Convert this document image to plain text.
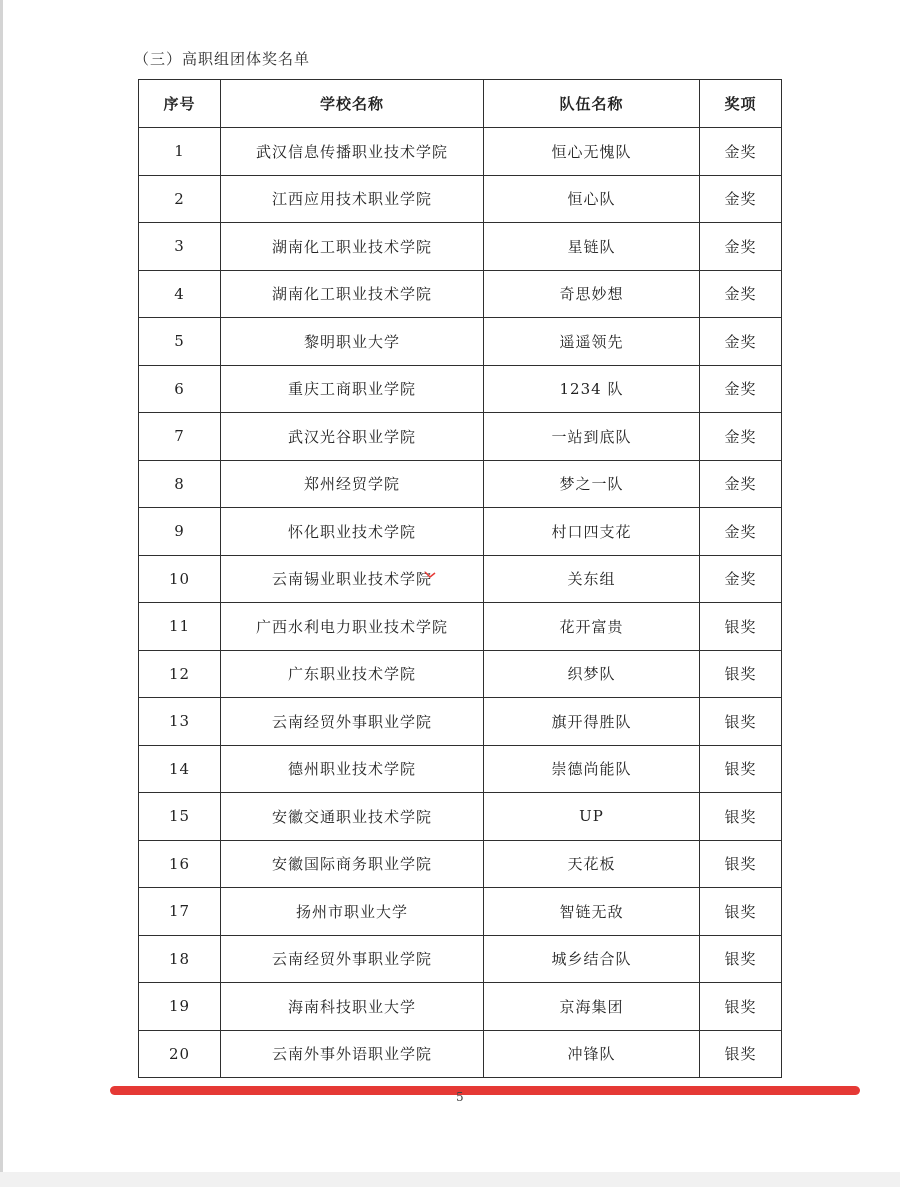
（三）高职组团体奖名单
序号	学校名称	队伍名称	奖项
1	武汉信息传播职业技术学院	恒心无愧队	金奖
2	江西应用技术职业学院	恒心队	金奖
3	湖南化工职业技术学院	星链队	金奖
4	湖南化工职业技术学院	奇思妙想	金奖
5	黎明职业大学	遥遥领先	金奖
6	重庆工商职业学院	1234 队	金奖
7	武汉光谷职业学院	一站到底队	金奖
8	郑州经贸学院	梦之一队	金奖
9	怀化职业技术学院	村口四支花	金奖
10	云南锡业职业技术学院	关东组	金奖
11	广西水利电力职业技术学院	花开富贵	银奖
12	广东职业技术学院	织梦队	银奖
13	云南经贸外事职业学院	旗开得胜队	银奖
14	德州职业技术学院	崇德尚能队	银奖
15	安徽交通职业技术学院	UP	银奖
16	安徽国际商务职业学院	天花板	银奖
17	扬州市职业大学	智链无敌	银奖
18	云南经贸外事职业学院	城乡结合队	银奖
19	海南科技职业大学	京海集团	银奖
20	云南外事外语职业学院	冲锋队	银奖
5
